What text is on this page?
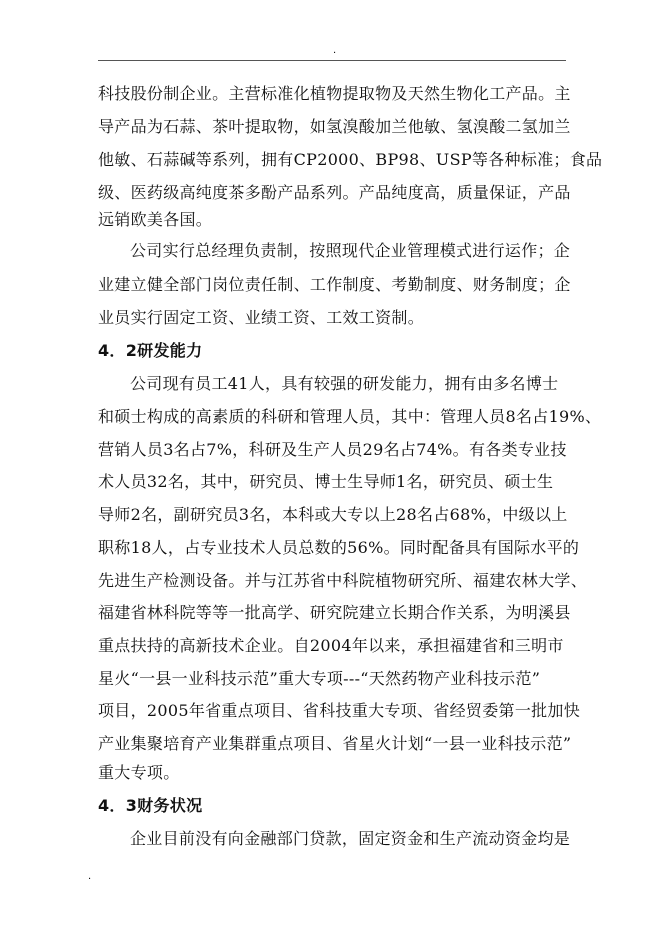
.
科技股份制企业。主营标准化植物提取物及天然生物化工产品。主
导产品为石蒜、茶叶提取物，如氢溴酸加兰他敏、氢溴酸二氢加兰
他敏、石蒜碱等系列，拥有CP2000、BP98、USP等各种标准；食品
级、医药级高纯度茶多酚产品系列。产品纯度高，质量保证，产品
远销欧美各国。
公司实行总经理负责制，按照现代企业管理模式进行运作；企
业建立健全部门岗位责任制、工作制度、考勤制度、财务制度；企
业员实行固定工资、业绩工资、工效工资制。
4．2研发能力
公司现有员工41人，具有较强的研发能力，拥有由多名博士
和硕士构成的高素质的科研和管理人员，其中：管理人员8名占19%、
营销人员3名占7%，科研及生产人员29名占74%。有各类专业技
术人员32名，其中，研究员、博士生导师1名，研究员、硕士生
导师2名，副研究员3名，本科或大专以上28名占68%，中级以上
职称18人，占专业技术人员总数的56%。同时配备具有国际水平的
先进生产检测设备。并与江苏省中科院植物研究所、福建农林大学、
福建省林科院等等一批高学、研究院建立长期合作关系，为明溪县
重点扶持的高新技术企业。自2004年以来，承担福建省和三明市
星火“一县一业科技示范”重大专项---“天然药物产业科技示范”
项目，2005年省重点项目、省科技重大专项、省经贸委第一批加快
产业集聚培育产业集群重点项目、省星火计划“一县一业科技示范”
重大专项。
4．3财务状况
企业目前没有向金融部门贷款，固定资金和生产流动资金均是
.
